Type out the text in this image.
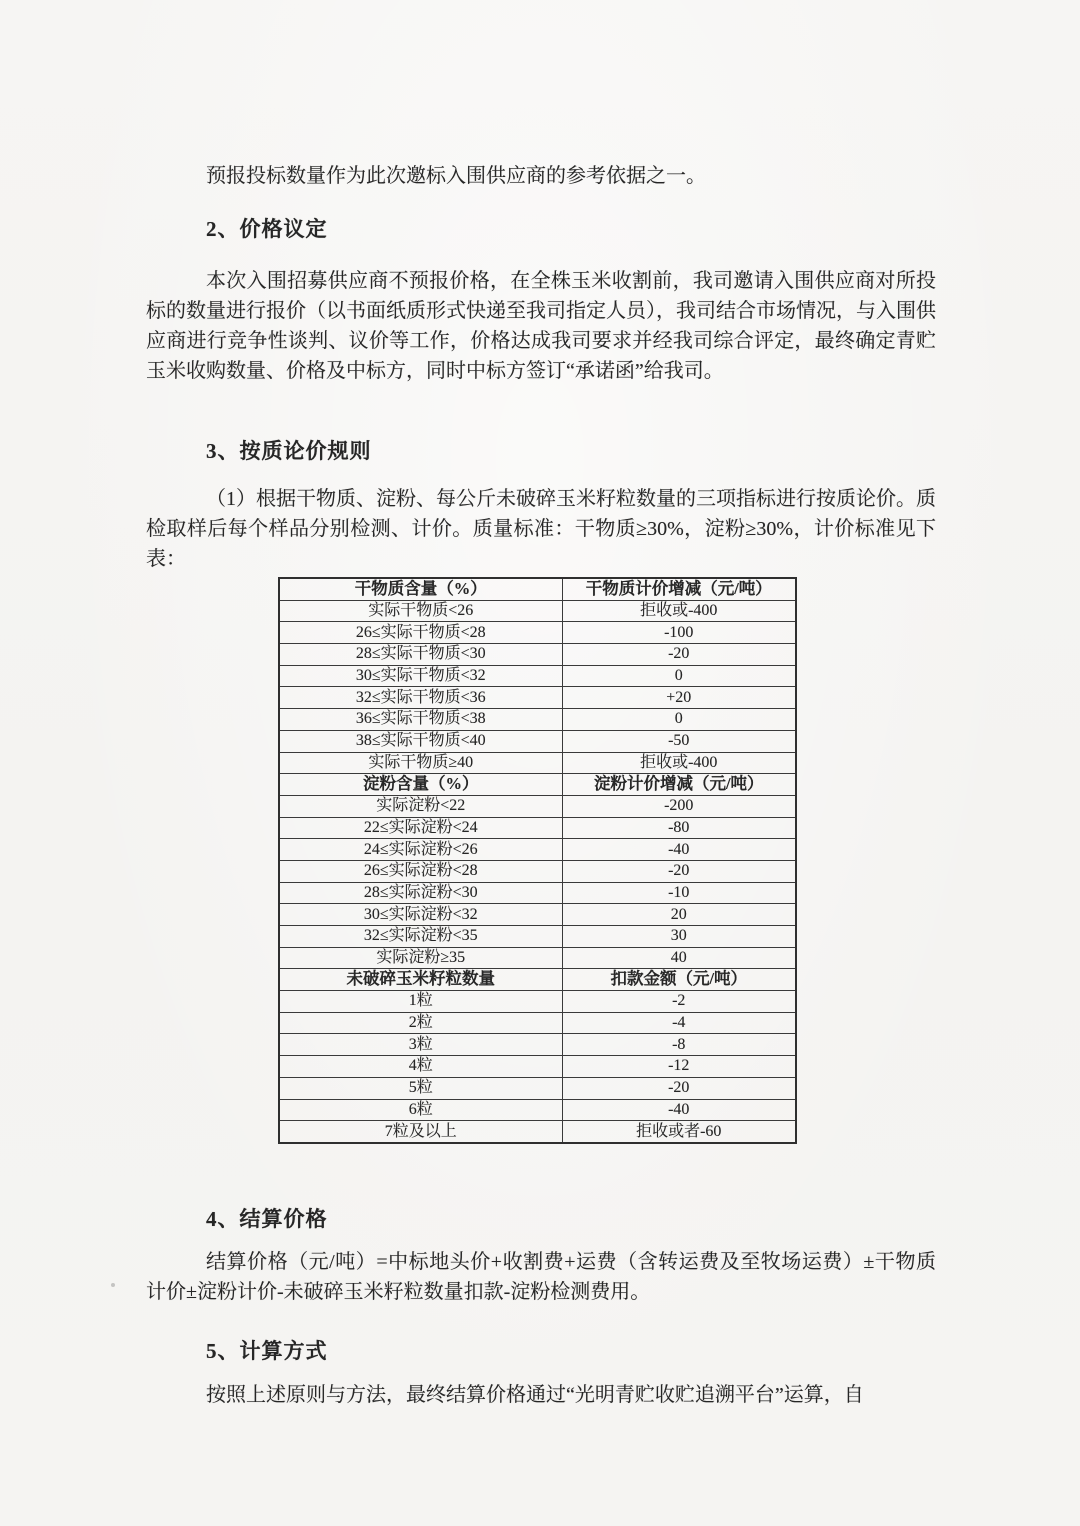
预报投标数量作为此次邀标入围供应商的参考依据之一。

2、价格议定

本次入围招募供应商不预报价格，在全株玉米收割前，我司邀请入围供应商对所投标的数量进行报价（以书面纸质形式快递至我司指定人员），我司结合市场情况，与入围供应商进行竞争性谈判、议价等工作，价格达成我司要求并经我司综合评定，最终确定青贮玉米收购数量、价格及中标方，同时中标方签订“承诺函”给我司。

3、按质论价规则

（1）根据干物质、淀粉、每公斤未破碎玉米籽粒数量的三项指标进行按质论价。质检取样后每个样品分别检测、计价。质量标准：干物质≥30%，淀粉≥30%，计价标准见下表：

干物质含量（%）	干物质计价增减（元/吨）
实际干物质<26	拒收或-400
26≤实际干物质<28	-100
28≤实际干物质<30	-20
30≤实际干物质<32	0
32≤实际干物质<36	+20
36≤实际干物质<38	0
38≤实际干物质<40	-50
实际干物质≥40	拒收或-400
淀粉含量（%）	淀粉计价增减（元/吨）
实际淀粉<22	-200
22≤实际淀粉<24	-80
24≤实际淀粉<26	-40
26≤实际淀粉<28	-20
28≤实际淀粉<30	-10
30≤实际淀粉<32	20
32≤实际淀粉<35	30
实际淀粉≥35	40
未破碎玉米籽粒数量	扣款金额（元/吨）
1粒	-2
2粒	-4
3粒	-8
4粒	-12
5粒	-20
6粒	-40
7粒及以上	拒收或者-60
4、结算价格

结算价格（元/吨）=中标地头价+收割费+运费（含转运费及至牧场运费）±干物质计价±淀粉计价-未破碎玉米籽粒数量扣款-淀粉检测费用。

5、计算方式

按照上述原则与方法，最终结算价格通过“光明青贮收贮追溯平台”运算，自
